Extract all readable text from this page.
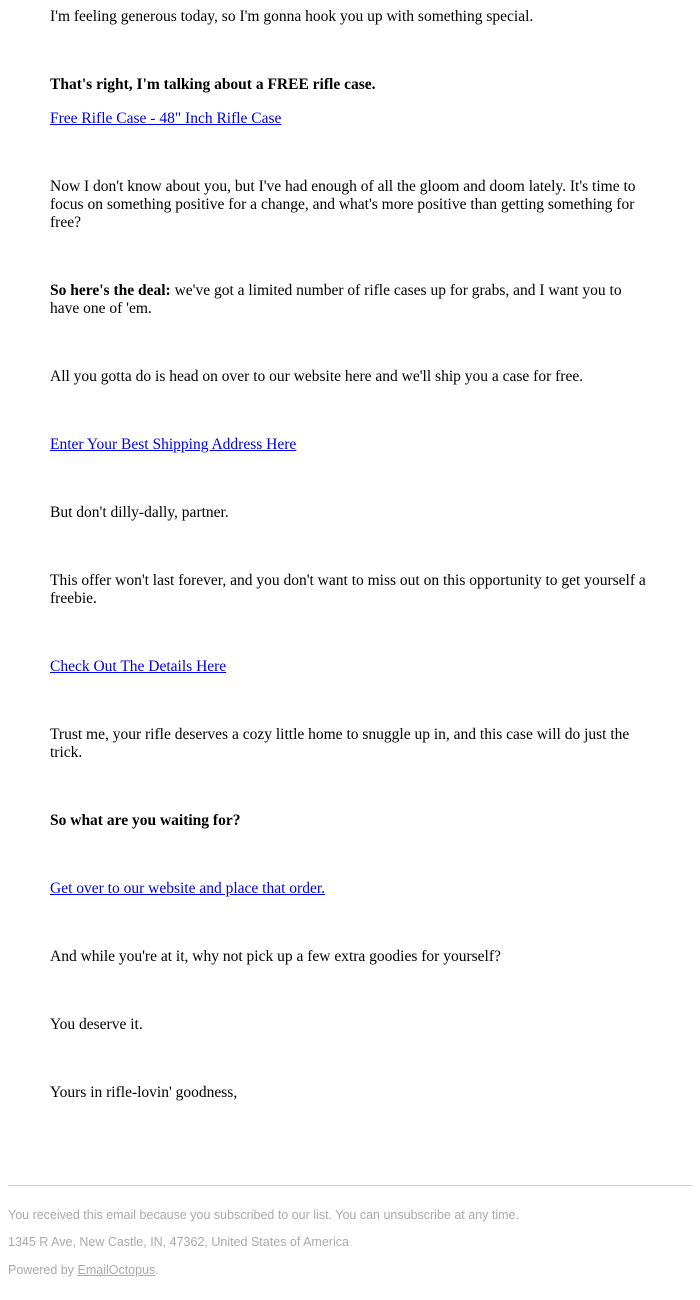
I'm feeling generous today, so I'm gonna hook you up with something special.

That's right, I'm talking about a FREE rifle case.

Free Rifle Case - 48" Inch Rifle Case

Now I don't know about you, but I've had enough of all the gloom and doom lately. It's time to focus on something positive for a change, and what's more positive than getting something for free?

So here's the deal: we've got a limited number of rifle cases up for grabs, and I want you to have one of 'em.

All you gotta do is head on over to our website here and we'll ship you a case for free.

Enter Your Best Shipping Address Here

But don't dilly-dally, partner.

This offer won't last forever, and you don't want to miss out on this opportunity to get yourself a freebie.

Check Out The Details Here

Trust me, your rifle deserves a cozy little home to snuggle up in, and this case will do just the trick.

So what are you waiting for?

Get over to our website and place that order.

And while you're at it, why not pick up a few extra goodies for yourself?

You deserve it.

Yours in rifle-lovin' goodness,

You received this email because you subscribed to our list. You can unsubscribe at any time.

1345 R Ave, New Castle, IN, 47362, United States of America

Powered by EmailOctopus.
